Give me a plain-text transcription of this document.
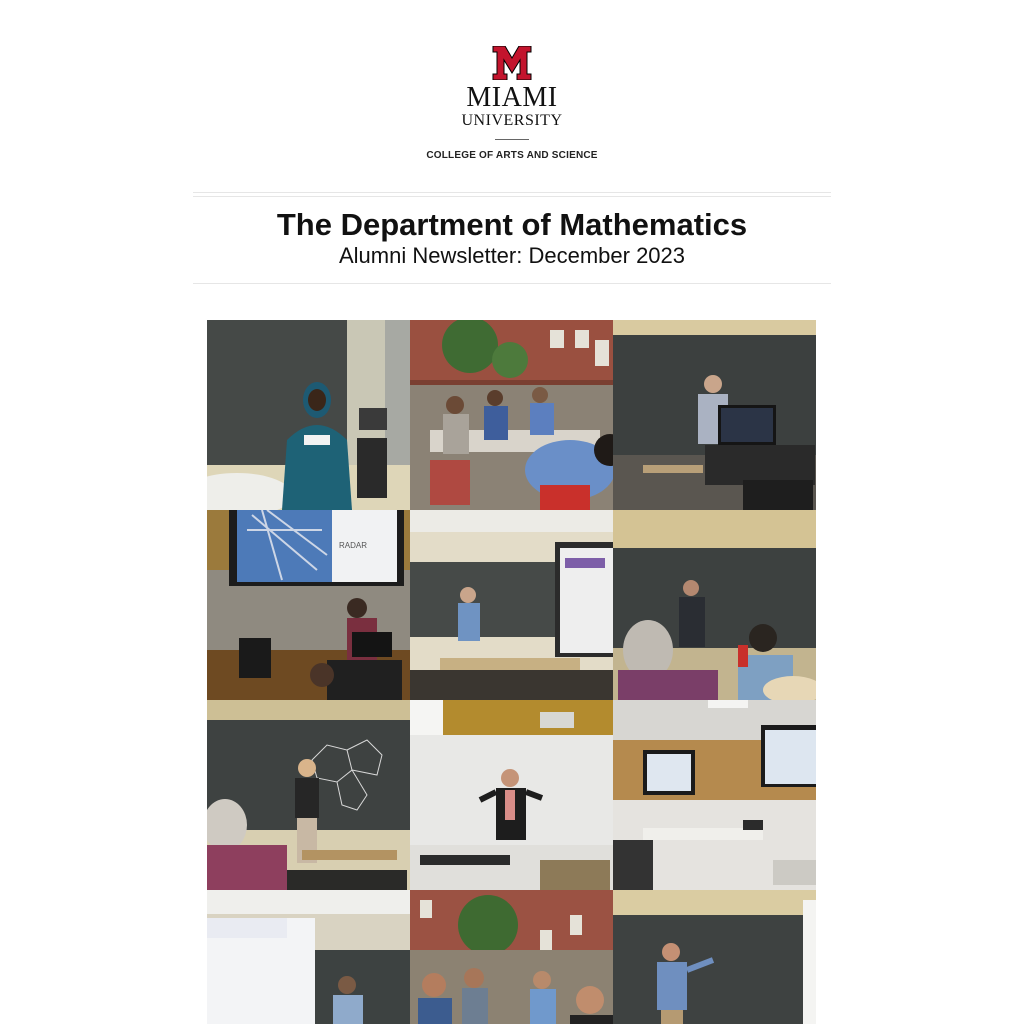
MIAMI
UNIVERSITY
COLLEGE OF ARTS AND SCIENCE
The Department of Mathematics
Alumni Newsletter: December 2023
RADAR
